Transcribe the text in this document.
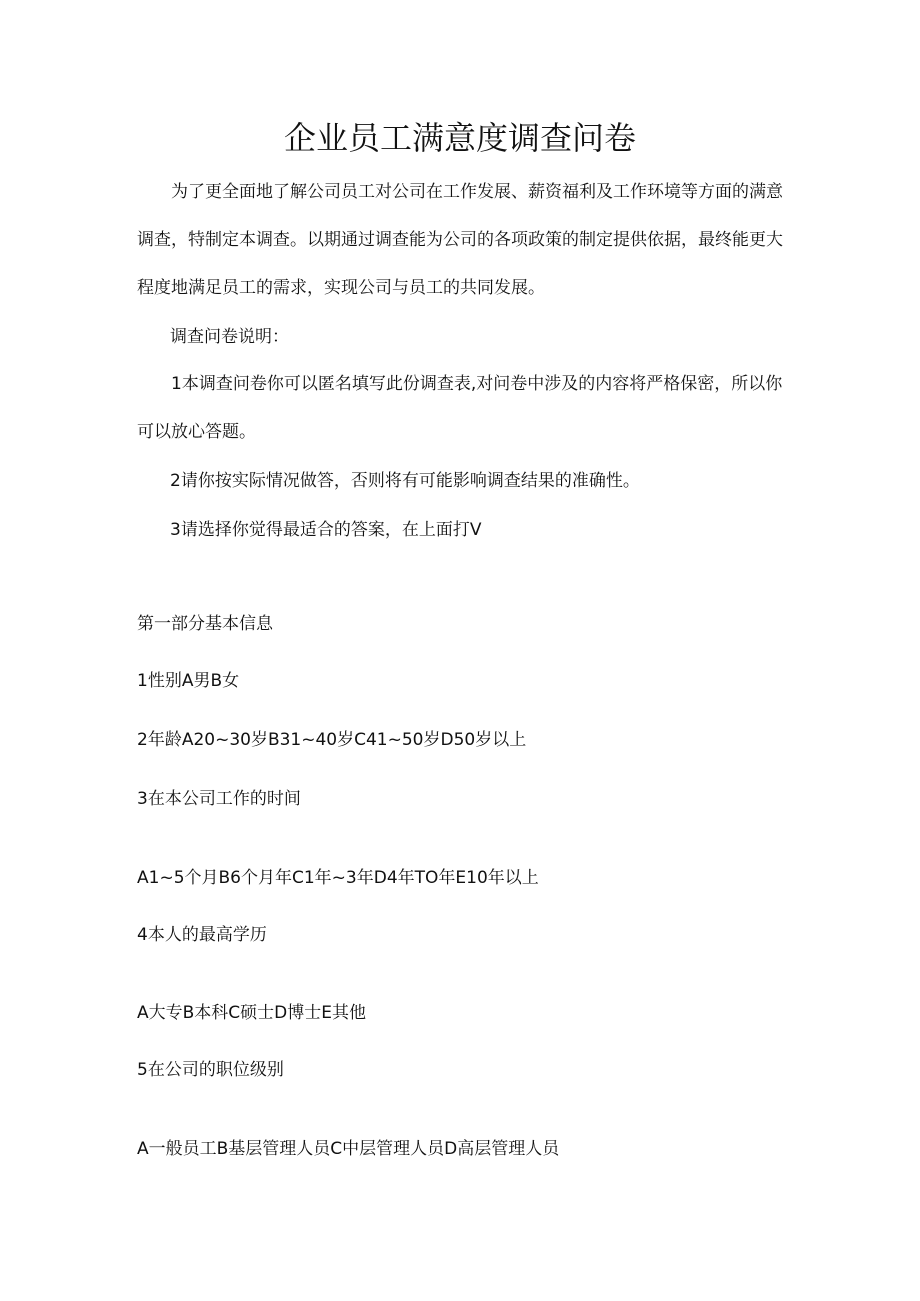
企业员工满意度调查问卷
为了更全面地了解公司员工对公司在工作发展、薪资福利及工作环境等方面的满意调查，特制定本调查。以期通过调查能为公司的各项政策的制定提供依据，最终能更大程度地满足员工的需求，实现公司与员工的共同发展。
调查问卷说明：
1本调查问卷你可以匿名填写此份调查表,对问卷中涉及的内容将严格保密，所以你可以放心答题。
2请你按实际情况做答，否则将有可能影响调查结果的准确性。
3请选择你觉得最适合的答案，在上面打V
第一部分基本信息
1性别A男B女
2年龄A20~30岁B31~40岁C41~50岁D50岁以上
3在本公司工作的时间
A1~5个月B6个月年C1年~3年D4年TO年E10年以上
4本人的最高学历
A大专B本科C硕士D博士E其他
5在公司的职位级别
A一般员工B基层管理人员C中层管理人员D高层管理人员
